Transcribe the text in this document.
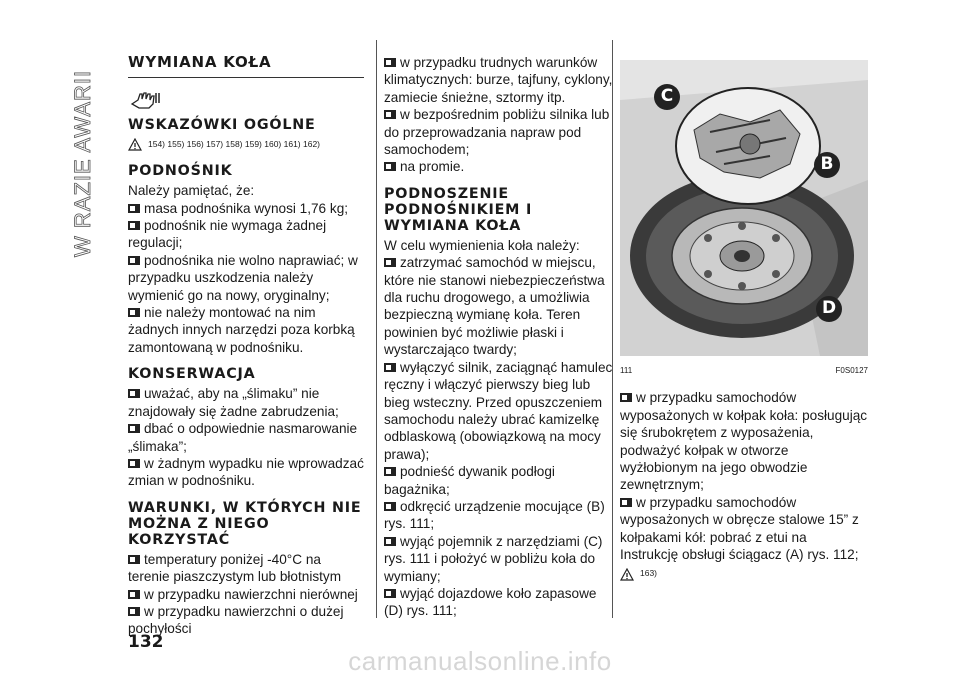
W RAZIE AWARII
WYMIANA KOŁA
WSKAZÓWKI OGÓLNE
154) 155) 156) 157) 158) 159) 160) 161) 162)
PODNOŚNIK

Należy pamiętać, że:

masa podnośnika wynosi 1,76 kg;

podnośnik nie wymaga żadnej regulacji;

podnośnika nie wolno naprawiać; w przypadku uszkodzenia należy wymienić go na nowy, oryginalny;

nie należy montować na nim żadnych innych narzędzi poza korbką zamontowaną w podnośniku.

KONSERWACJA

uważać, aby na „ślimaku” nie znajdowały się żadne zabrudzenia;

dbać o odpowiednie nasmarowanie „ślimaka”;

w żadnym wypadku nie wprowadzać zmian w podnośniku.

WARUNKI, W KTÓRYCH NIE MOŻNA Z NIEGO KORZYSTAĆ

temperatury poniżej -40°C na terenie piaszczystym lub błotnistym

w przypadku nawierzchni nierównej

w przypadku nawierzchni o dużej pochyłości

w przypadku trudnych warunków klimatycznych: burze, tajfuny, cyklony, zamiecie śnieżne, sztormy itp.

w bezpośrednim pobliżu silnika lub do przeprowadzania napraw pod samochodem;

na promie.

PODNOSZENIE PODNOŚNIKIEM I WYMIANA KOŁA

W celu wymienienia koła należy:

zatrzymać samochód w miejscu, które nie stanowi niebezpieczeństwa dla ruchu drogowego, a umożliwia bezpieczną wymianę koła. Teren powinien być możliwie płaski i wystarczająco twardy;

wyłączyć silnik, zaciągnąć hamulec ręczny i włączyć pierwszy bieg lub bieg wsteczny. Przed opuszczeniem samochodu należy ubrać kamizelkę odblaskową (obowiązkową na mocy prawa);

podnieść dywanik podłogi bagażnika;

odkręcić urządzenie mocujące (B) rys. 111;

wyjąć pojemnik z narzędziami (C) rys. 111 i położyć w pobliżu koła do wymiany;

wyjąć dojazdowe koło zapasowe (D) rys. 111;

C
B
D
111	F0S0127

w przypadku samochodów wyposażonych w kołpak koła: posługując się śrubokrętem z wyposażenia, podważyć kołpak w otworze wyżłobionym na jego obwodzie zewnętrznym;

w przypadku samochodów wyposażonych w obręcze stalowe 15” z kołpakami kół: pobrać z etui na Instrukcję obsługi ściągacz (A) rys. 112;

163)
132
carmanualsonline.info
